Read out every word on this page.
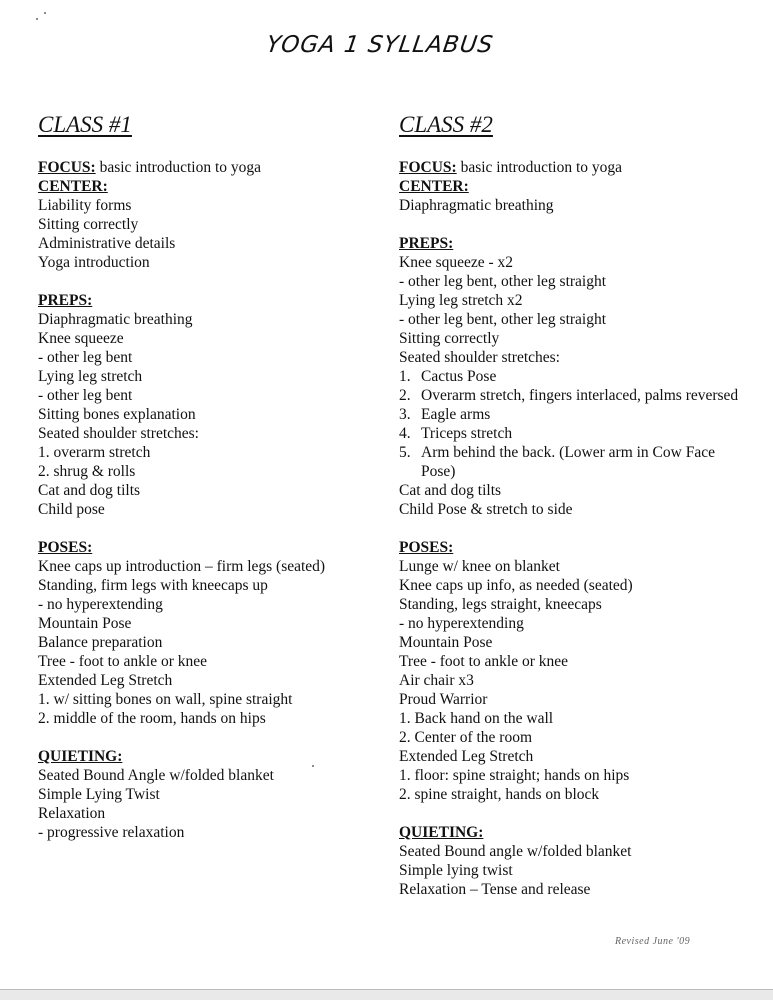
YOGA 1 SYLLABUS
CLASS #1
FOCUS: basic introduction to yoga
CENTER:
Liability forms
Sitting correctly
Administrative details
Yoga introduction
PREPS:
Diaphragmatic breathing
Knee squeeze
- other leg bent
Lying leg stretch
- other leg bent
Sitting bones explanation
Seated shoulder stretches:
1. overarm stretch
2. shrug & rolls
Cat and dog tilts
Child pose
POSES:
Knee caps up introduction – firm legs (seated)
Standing, firm legs with kneecaps up
- no hyperextending
Mountain Pose
Balance preparation
Tree - foot to ankle or knee
Extended Leg Stretch
1. w/ sitting bones on wall, spine straight
2. middle of the room, hands on hips
QUIETING:
Seated Bound Angle w/folded blanket
Simple Lying Twist
Relaxation
- progressive relaxation
CLASS #2
FOCUS: basic introduction to yoga
CENTER:
Diaphragmatic breathing
PREPS:
Knee squeeze - x2
- other leg bent, other leg straight
Lying leg stretch x2
- other leg bent, other leg straight
Sitting correctly
Seated shoulder stretches:
1. Cactus Pose
2. Overarm stretch, fingers interlaced, palms reversed
3. Eagle arms
4. Triceps stretch
5. Arm behind the back. (Lower arm in Cow Face Pose)
Cat and dog tilts
Child Pose & stretch to side
POSES:
Lunge w/ knee on blanket
Knee caps up info, as needed (seated)
Standing, legs straight, kneecaps
- no hyperextending
Mountain Pose
Tree - foot to ankle or knee
Air chair x3
Proud Warrior
1. Back hand on the wall
2. Center of the room
Extended Leg Stretch
1. floor: spine straight; hands on hips
2. spine straight, hands on block
QUIETING:
Seated Bound angle w/folded blanket
Simple lying twist
Relaxation – Tense and release
Revised June '09
